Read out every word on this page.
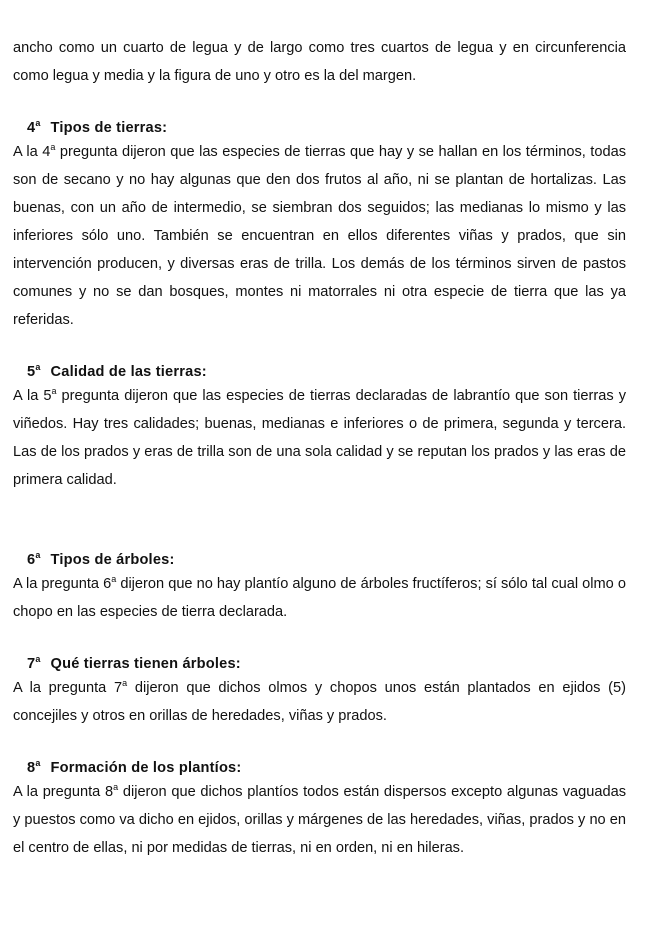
ancho como un cuarto de legua y de largo como tres cuartos de legua y en circunferencia como legua y media y la figura de uno y otro es la del margen.

4$^a$ Tipos de tierras:

A la 4$^a$ pregunta dijeron que las especies de tierras que hay y se hallan en los términos, todas son de secano y no hay algunas que den dos frutos al año, ni se plantan de hortalizas. Las buenas, con un año de intermedio, se siembran dos seguidos; las medianas lo mismo y las inferiores sólo uno. También se encuentran en ellos diferentes viñas y prados, que sin intervención producen, y diversas eras de trilla. Los demás de los términos sirven de pastos comunes y no se dan bosques, montes ni matorrales ni otra especie de tierra que las ya referidas.

5$^a$ Calidad de las tierras:

A la 5$^a$ pregunta dijeron que las especies de tierras declaradas de labrantío que son tierras y viñedos. Hay tres calidades; buenas, medianas e inferiores o de primera, segunda y tercera. Las de los prados y eras de trilla son de una sola calidad y se reputan los prados y las eras de primera calidad.

6$^a$ Tipos de árboles:

A la pregunta 6$^a$ dijeron que no hay plantío alguno de árboles fructíferos; sí sólo tal cual olmo o chopo en las especies de tierra declarada.

7$^a$ Qué tierras tienen árboles:

A la pregunta 7$^a$ dijeron que dichos olmos y chopos unos están plantados en ejidos (5) concejiles y otros en orillas de heredades, viñas y prados.

8$^a$ Formación de los plantíos:

A la pregunta 8$^a$ dijeron que dichos plantíos todos están dispersos excepto algunas vaguadas y puestos como va dicho en ejidos, orillas y márgenes de las heredades, viñas, prados y no en el centro de ellas, ni por medidas de tierras, ni en orden, ni en hileras.
